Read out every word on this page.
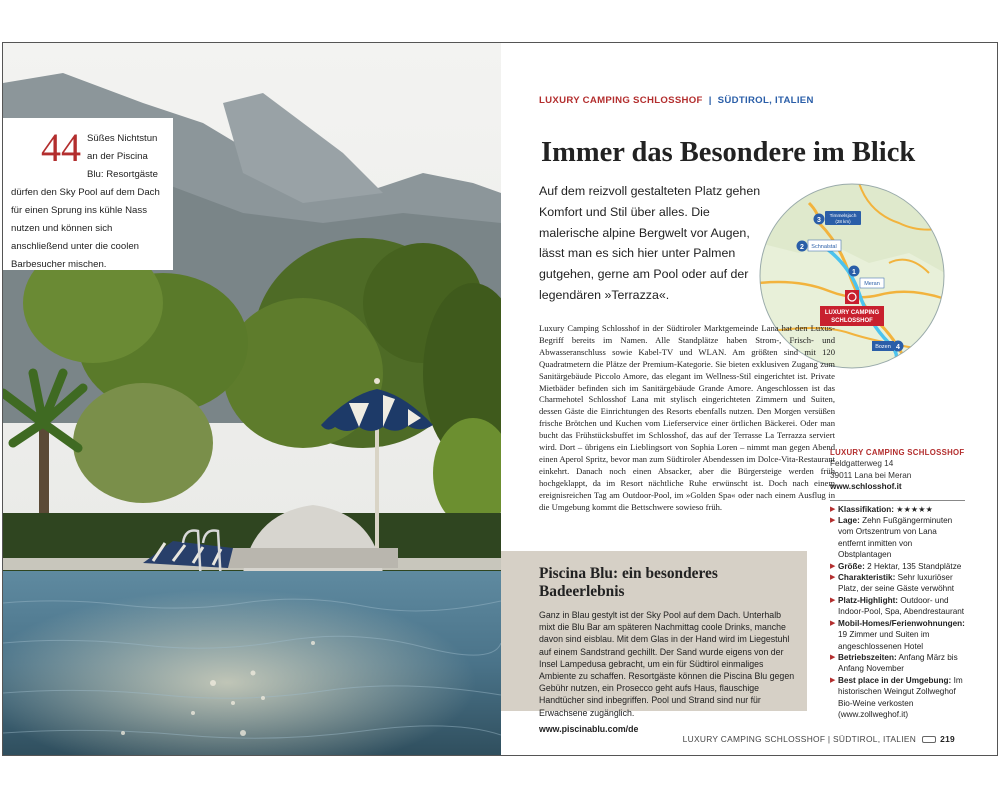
44 Süßes Nichtstun an der Piscina Blu: Resortgäste dürfen den Sky Pool auf dem Dach für einen Sprung ins kühle Nass nutzen und können sich anschließend unter die coolen Barbesucher mischen.
LUXURY CAMPING SCHLOSSHOF | SÜDTIROL, ITALIEN
Immer das Besondere im Blick

Auf dem reizvoll gestalteten Platz gehen Komfort und Stil über alles. Die malerische alpine Bergwelt vor Augen, lässt man es sich hier unter Palmen gutgehen, gerne am Pool oder auf der legendären »Terrazza«.

3
Timmelsjoch
(28 km)
2 Schnalstal
1
Meran
LUXURY CAMPING
SCHLOSSHOF
Bozen 4

Luxury Camping Schlosshof in der Südtiroler Marktgemeinde Lana hat den Luxus-Begriff bereits im Namen. Alle Standplätze haben Strom-, Frisch- und Abwasseranschluss sowie Kabel-TV und WLAN. Am größten sind mit 120 Quadratmetern die Plätze der Premium-Kategorie. Sie bieten exklusiven Zugang zum Sanitärgebäude Piccolo Amore, das elegant im Wellness-Stil eingerichtet ist. Private Mietbäder befinden sich im Sanitärgebäude Grande Amore. Angeschlossen ist das Charmehotel Schlosshof Lana mit stylisch eingerichteten Zimmern und Suiten, dessen Gäste die Einrichtungen des Resorts ebenfalls nutzen. Den Morgen versüßen frische Brötchen und Kuchen vom Lieferservice einer örtlichen Bäckerei. Oder man bucht das Frühstücksbuffet im Schlosshof, das auf der Terrasse La Terrazza serviert wird. Dort – übrigens ein Lieblingsort von Sophia Loren – nimmt man gegen Abend einen Aperol Spritz, bevor man zum Südtiroler Abendessen im Dolce-Vita-Restaurant einkehrt. Danach noch einen Absacker, aber die Bürgersteige werden früh hochgeklappt, da im Resort nächtliche Ruhe erwünscht ist. Doch nach einem ereignisreichen Tag am Outdoor-Pool, im »Golden Spa« oder nach einem Ausflug in die Umgebung kommt die Bettschwere sowieso früh.

Piscina Blu: ein besonderes Badeerlebnis

Ganz in Blau gestylt ist der Sky Pool auf dem Dach. Unterhalb mixt die Blu Bar am späteren Nachmittag coole Drinks, manche davon sind eisblau. Mit dem Glas in der Hand wird im Liegestuhl auf einem Sandstrand gechillt. Der Sand wurde eigens von der Insel Lampedusa gebracht, um ein für Südtirol einmaliges Ambiente zu schaffen. Resortgäste können die Piscina Blu gegen Gebühr nutzen, ein Prosecco geht aufs Haus, flauschige Handtücher sind inbegriffen. Pool und Strand sind nur für Erwachsene zugänglich.

www.piscinablu.com/de
LUXURY CAMPING SCHLOSSHOF
Feldgatterweg 14
39011 Lana bei Meran
www.schlosshof.it
▶ Klassifikation: ★★★★★
▶ Lage: Zehn Fußgängerminuten vom Ortszentrum von Lana entfernt inmitten von Obstplantagen
▶ Größe: 2 Hektar, 135 Standplätze
▶ Charakteristik: Sehr luxuriöser Platz, der seine Gäste verwöhnt
▶ Platz-Highlight: Outdoor- und Indoor-Pool, Spa, Abendrestaurant
▶ Mobil-Homes/Ferienwohnungen: 19 Zimmer und Suiten im angeschlossenen Hotel
▶ Betriebszeiten: Anfang März bis Anfang November
▶ Best place in der Umgebung: Im historischen Weingut Zollweghof Bio-Weine verkosten (www.zollweghof.it)
LUXURY CAMPING SCHLOSSHOF | SÜDTIROL, ITALIEN	219
